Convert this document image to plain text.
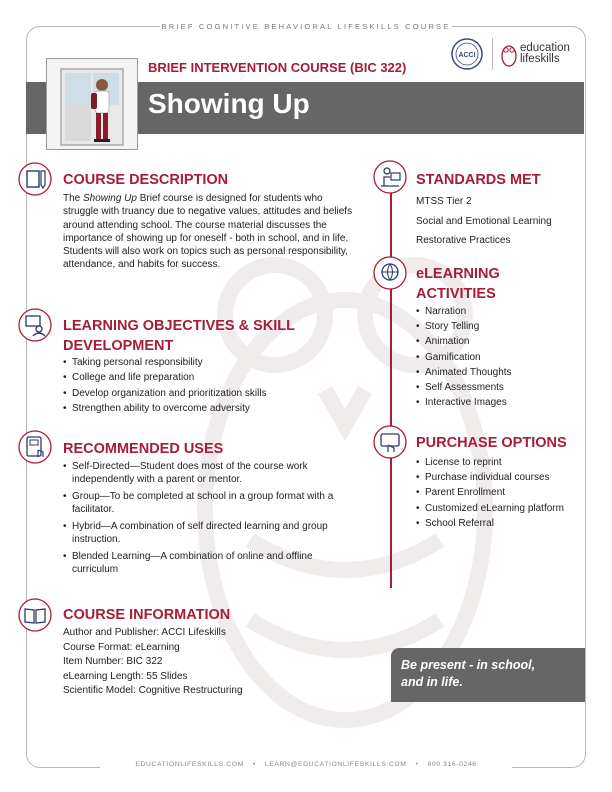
BRIEF COGNITIVE BEHAVIORAL LIFESKILLS COURSE
BRIEF INTERVENTION COURSE (BIC 322)
Showing Up
ACCI
education
lifeskills
COURSE DESCRIPTION
The Showing Up Brief course is designed for students who struggle with truancy due to negative values, attitudes and beliefs around attending school. The course material discusses the importance of showing up for oneself - both in school, and in life. Students will also work on topics such as personal responsibility, attendance, and habits for success.
LEARNING OBJECTIVES & SKILL
DEVELOPMENT
• Taking personal responsibility
• College and life preparation
• Develop organization and prioritization skills
• Strengthen ability to overcome adversity
RECOMMENDED USES
• Self-Directed—Student does most of the course work independently with a parent or mentor.
• Group—To be completed at school in a group format with a facilitator.
• Hybrid—A combination of self directed learning and group instruction.
• Blended Learning—A combination of online and offline curriculum
COURSE INFORMATION
Author and Publisher: ACCI Lifeskills
Course Format: eLearning
Item Number: BIC 322
eLearning Length: 55 Slides
Scientific Model: Cognitive Restructuring
STANDARDS MET
MTSS Tier 2
Social and Emotional Learning
Restorative Practices
eLEARNING
ACTIVITIES
• Narration
• Story Telling
• Animation
• Gamification
• Animated Thoughts
• Self Assessments
• Interactive Images
PURCHASE OPTIONS
• License to reprint
• Purchase individual courses
• Parent Enrollment
• Customized eLearning platform
• School Referral
Be present - in school,
and in life.
EDUCATIONLIFESKILLS.COM • LEARN@EDUCATIONLIFESKILLS.COM • 800 316-0246
